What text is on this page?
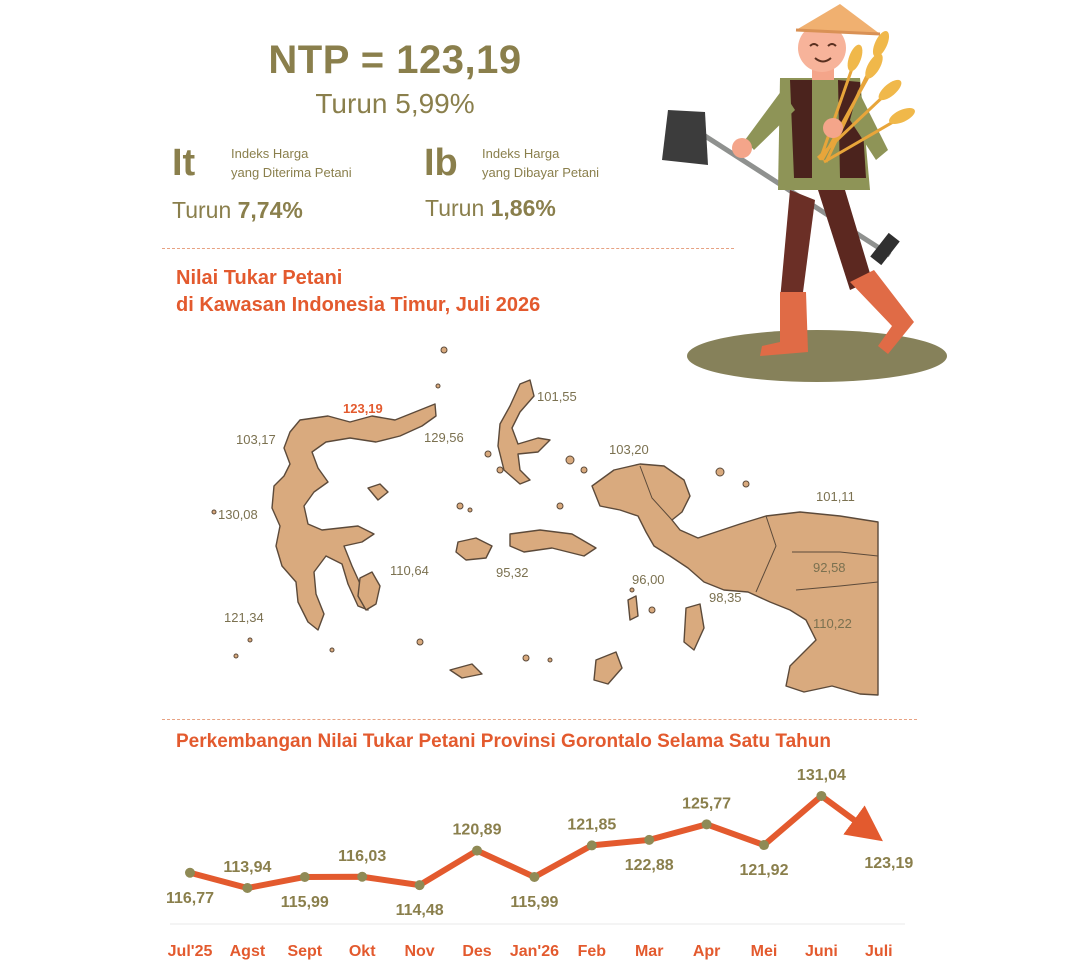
NTP = 123,19
Turun 5,99%
It	Indeks Harga
yang Diterima Petani
Turun 7,74%
Ib Indeks Harga
yang Dibayar Petani
Turun 1,86%
Nilai Tukar Petani
di Kawasan Indonesia Timur, Juli 2026
123,19
129,56
103,17
130,08
110,64
121,34
101,55
103,20
95,32	96,00
98,35
101,11
92,58
110,22
Perkembangan Nilai Tukar Petani Provinsi Gorontalo Selama Satu Tahun
116,77
Jul'25
113,94
Agst
115,99
Sept
116,03
Okt
114,48
Nov
120,89
Des
115,99
Jan'26
121,85
Feb
122,88
Mar
125,77
Apr
121,92
Mei
131,04
Juni
123,19
Juli
